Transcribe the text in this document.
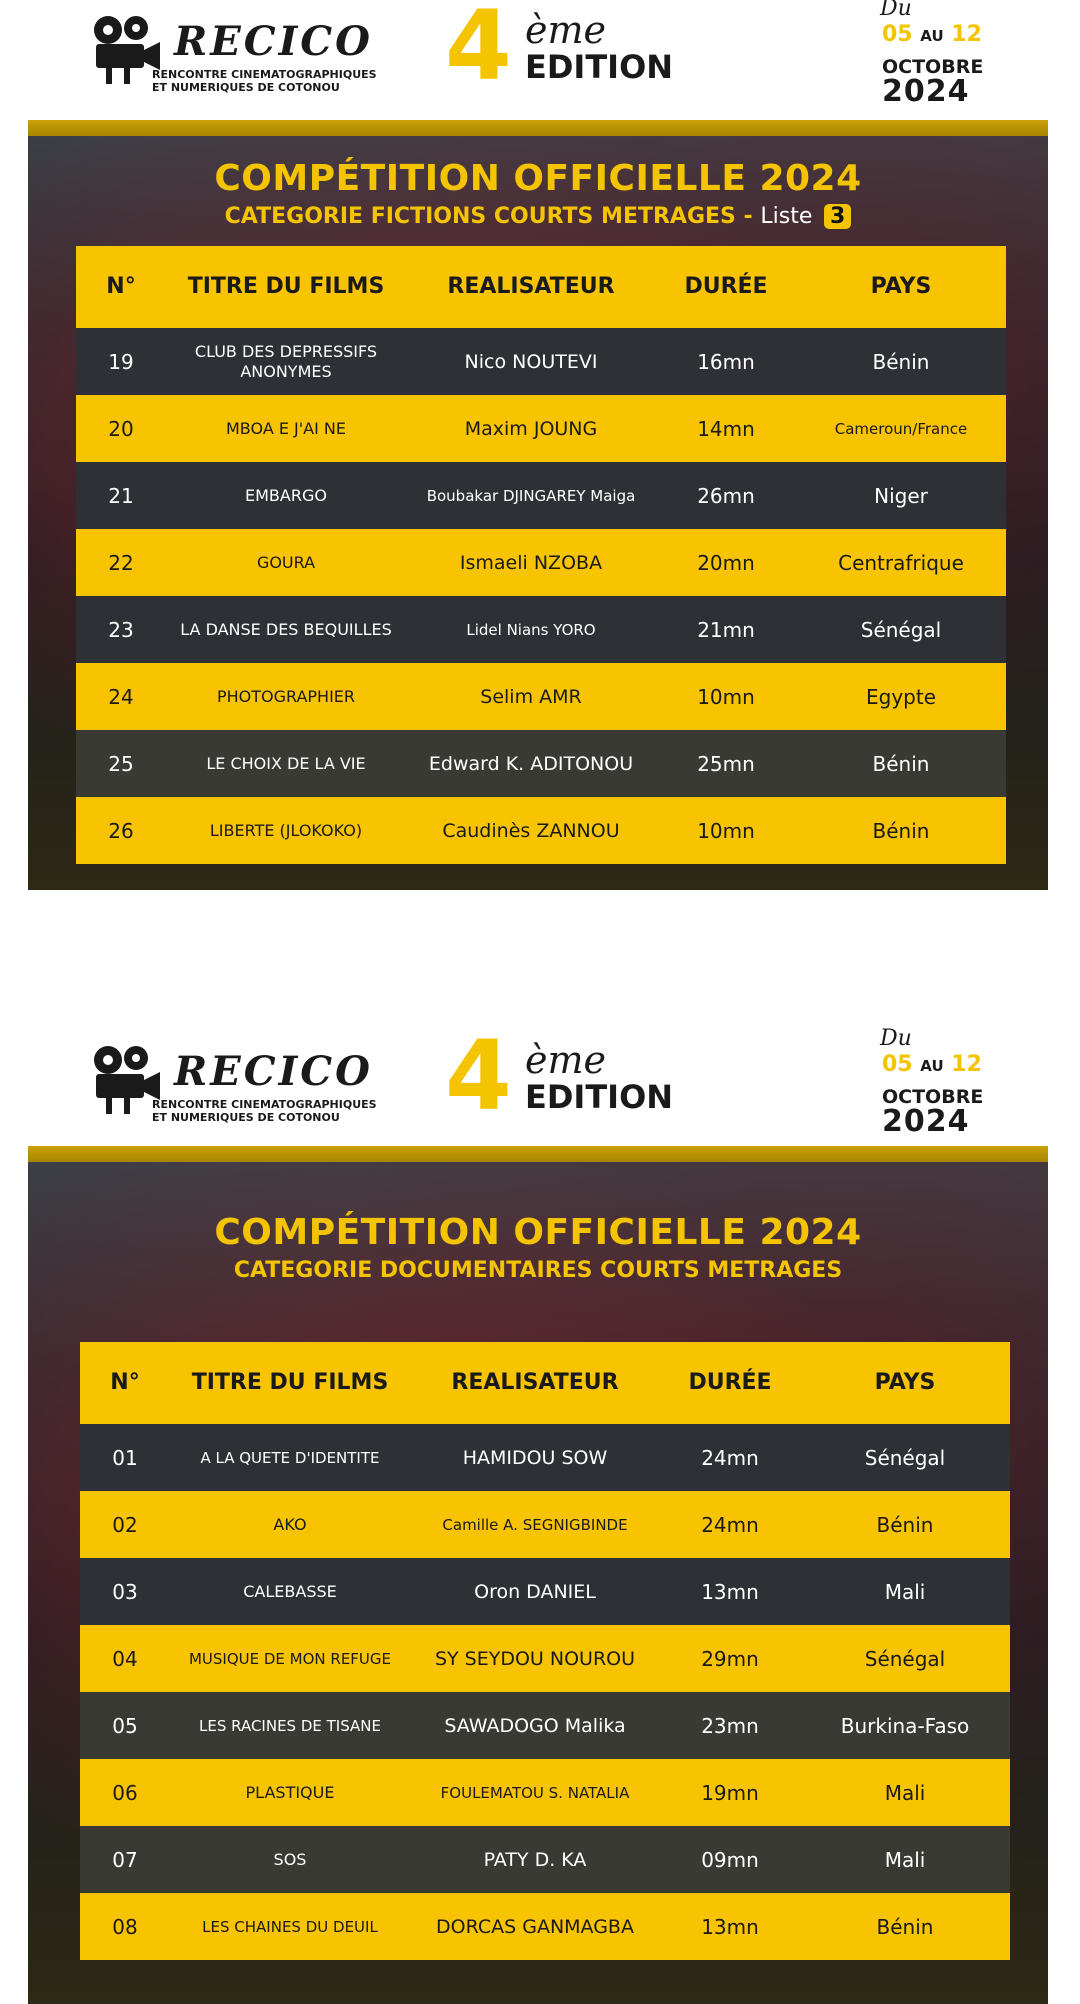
RECICO
RENCONTRE CINEMATOGRAPHIQUES
ET NUMERIQUES DE COTONOU	4 ème
EDITION
Du
05 AU 12
OCTOBRE
2024
COMPÉTITION OFFICIELLE 2024
CATEGORIE FICTIONS COURTS METRAGES - Liste 3
N°	TITRE DU FILMS	REALISATEUR	DURÉE	PAYS
19	CLUB DES DEPRESSIFS ANONYMES	Nico NOUTEVI	16mn	Bénin
20	MBOA E J'AI NE	Maxim JOUNG	14mn	Cameroun/France
21	EMBARGO	Boubakar DJINGAREY Maiga	26mn	Niger
22	GOURA	Ismaeli NZOBA	20mn	Centrafrique
23	LA DANSE DES BEQUILLES	Lidel Nians YORO	21mn	Sénégal
24	PHOTOGRAPHIER	Selim AMR	10mn	Egypte
25	LE CHOIX DE LA VIE	Edward K. ADITONOU	25mn	Bénin
26	LIBERTE (JLOKOKO)	Caudinès ZANNOU	10mn	Bénin
RECICO
RENCONTRE CINEMATOGRAPHIQUES
ET NUMERIQUES DE COTONOU	4 ème
EDITION
Du
05 AU 12
OCTOBRE
2024
COMPÉTITION OFFICIELLE 2024
CATEGORIE DOCUMENTAIRES COURTS METRAGES
N°	TITRE DU FILMS	REALISATEUR	DURÉE	PAYS
01	A LA QUETE D'IDENTITE	HAMIDOU SOW	24mn	Sénégal
02	AKO	Camille A. SEGNIGBINDE	24mn	Bénin
03	CALEBASSE	Oron DANIEL	13mn	Mali
04	MUSIQUE DE MON REFUGE	SY SEYDOU NOUROU	29mn	Sénégal
05	LES RACINES DE TISANE	SAWADOGO Malika	23mn	Burkina-Faso
06	PLASTIQUE	FOULEMATOU S. NATALIA	19mn	Mali
07	SOS	PATY D. KA	09mn	Mali
08	LES CHAINES DU DEUIL	DORCAS GANMAGBA	13mn	Bénin
